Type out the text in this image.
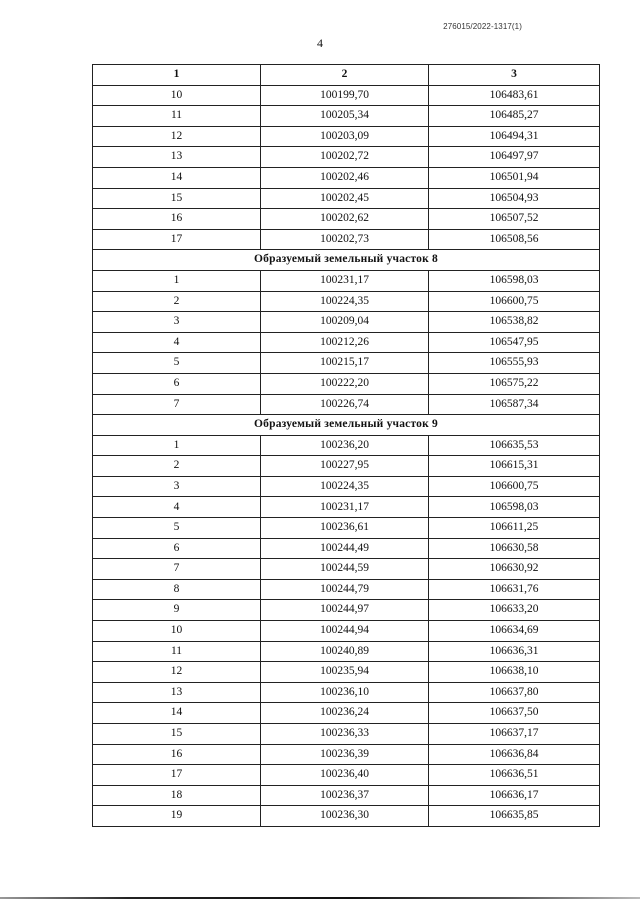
276015/2022-1317(1)
4
1	2	3
10	100199,70	106483,61
11	100205,34	106485,27
12	100203,09	106494,31
13	100202,72	106497,97
14	100202,46	106501,94
15	100202,45	106504,93
16	100202,62	106507,52
17	100202,73	106508,56
Образуемый земельный участок 8		
1	100231,17	106598,03
2	100224,35	106600,75
3	100209,04	106538,82
4	100212,26	106547,95
5	100215,17	106555,93
6	100222,20	106575,22
7	100226,74	106587,34
Образуемый земельный участок 9		
1	100236,20	106635,53
2	100227,95	106615,31
3	100224,35	106600,75
4	100231,17	106598,03
5	100236,61	106611,25
6	100244,49	106630,58
7	100244,59	106630,92
8	100244,79	106631,76
9	100244,97	106633,20
10	100244,94	106634,69
11	100240,89	106636,31
12	100235,94	106638,10
13	100236,10	106637,80
14	100236,24	106637,50
15	100236,33	106637,17
16	100236,39	106636,84
17	100236,40	106636,51
18	100236,37	106636,17
19	100236,30	106635,85
